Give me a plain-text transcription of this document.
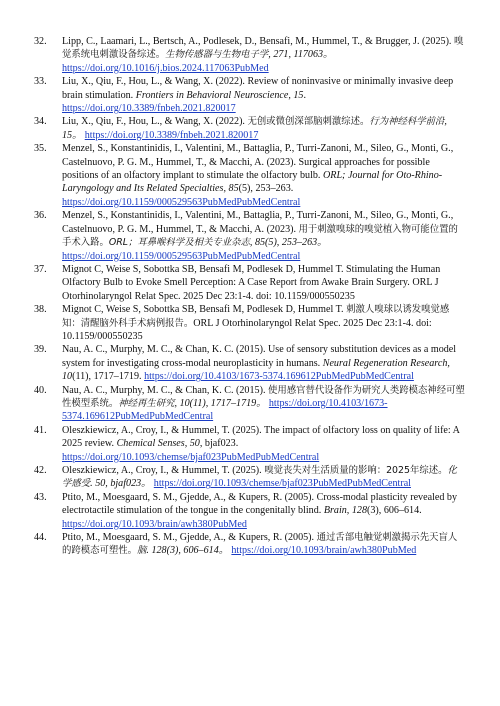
32. Lipp, C., Laamari, L., Bertsch, A., Podlesek, D., Bensafi, M., Hummel, T., & Brugger, J. (2025). 嗅觉系统电刺激设备综述。生物传感器与生物电子学, 271, 117063。 https://doi.org/10.1016/j.bios.2024.117063PubMed

33. Liu, X., Qiu, F., Hou, L., & Wang, X. (2022). Review of noninvasive or minimally invasive deep brain stimulation. Frontiers in Behavioral Neuroscience, 15. https://doi.org/10.3389/fnbeh.2021.820017

34. Liu, X., Qiu, F., Hou, L., & Wang, X. (2022). 无创或微创深部脑刺激综述。行为神经科学前沿, 15。 https://doi.org/10.3389/fnbeh.2021.820017

35. Menzel, S., Konstantinidis, I., Valentini, M., Battaglia, P., Turri-Zanoni, M., Sileo, G., Monti, G., Castelnuovo, P. G. M., Hummel, T., & Macchi, A. (2023). Surgical approaches for possible positions of an olfactory implant to stimulate the olfactory bulb. ORL; Journal for Oto-Rhino-Laryngology and Its Related Specialties, 85(5), 253–263. https://doi.org/10.1159/000529563PubMedPubMedCentral

36. Menzel, S., Konstantinidis, I., Valentini, M., Battaglia, P., Turri-Zanoni, M., Sileo, G., Monti, G., Castelnuovo, P. G. M., Hummel, T., & Macchi, A. (2023). 用于刺激嗅球的嗅觉植入物可能位置的手术入路。ORL；耳鼻喉科学及相关专业杂志, 85(5), 253–263。 https://doi.org/10.1159/000529563PubMedPubMedCentral

37. Mignot C, Weise S, Sobottka SB, Bensafi M, Podlesek D, Hummel T. Stimulating the Human Olfactory Bulb to Evoke Smell Perception: A Case Report from Awake Brain Surgery. ORL J Otorhinolaryngol Relat Spec. 2025 Dec 23:1-4. doi: 10.1159/000550235

38. Mignot C, Weise S, Sobottka SB, Bensafi M, Podlesek D, Hummel T. 刺激人嗅球以诱发嗅觉感知：清醒脑外科手术病例报告。ORL J Otorhinolaryngol Relat Spec. 2025 Dec 23:1-4. doi: 10.1159/000550235

39. Nau, A. C., Murphy, M. C., & Chan, K. C. (2015). Use of sensory substitution devices as a model system for investigating cross-modal neuroplasticity in humans. Neural Regeneration Research, 10(11), 1717–1719. https://doi.org/10.4103/1673-5374.169612PubMedPubMedCentral

40. Nau, A. C., Murphy, M. C., & Chan, K. C. (2015). 使用感官替代设备作为研究人类跨模态神经可塑性模型系统。神经再生研究, 10(11), 1717–1719。 https://doi.org/10.4103/1673-5374.169612PubMedPubMedCentral

41. Oleszkiewicz, A., Croy, I., & Hummel, T. (2025). The impact of olfactory loss on quality of life: A 2025 review. Chemical Senses, 50, bjaf023. https://doi.org/10.1093/chemse/bjaf023PubMedPubMedCentral

42. Oleszkiewicz, A., Croy, I., & Hummel, T. (2025). 嗅觉丧失对生活质量的影响：2025年综述。化学感受. 50, bjaf023。 https://doi.org/10.1093/chemse/bjaf023PubMedPubMedCentral

43. Ptito, M., Moesgaard, S. M., Gjedde, A., & Kupers, R. (2005). Cross-modal plasticity revealed by electrotactile stimulation of the tongue in the congenitally blind. Brain, 128(3), 606–614. https://doi.org/10.1093/brain/awh380PubMed

44. Ptito, M., Moesgaard, S. M., Gjedde, A., & Kupers, R. (2005). 通过舌部电触觉刺激揭示先天盲人的跨模态可塑性。脑. 128(3), 606–614。 https://doi.org/10.1093/brain/awh380PubMed
